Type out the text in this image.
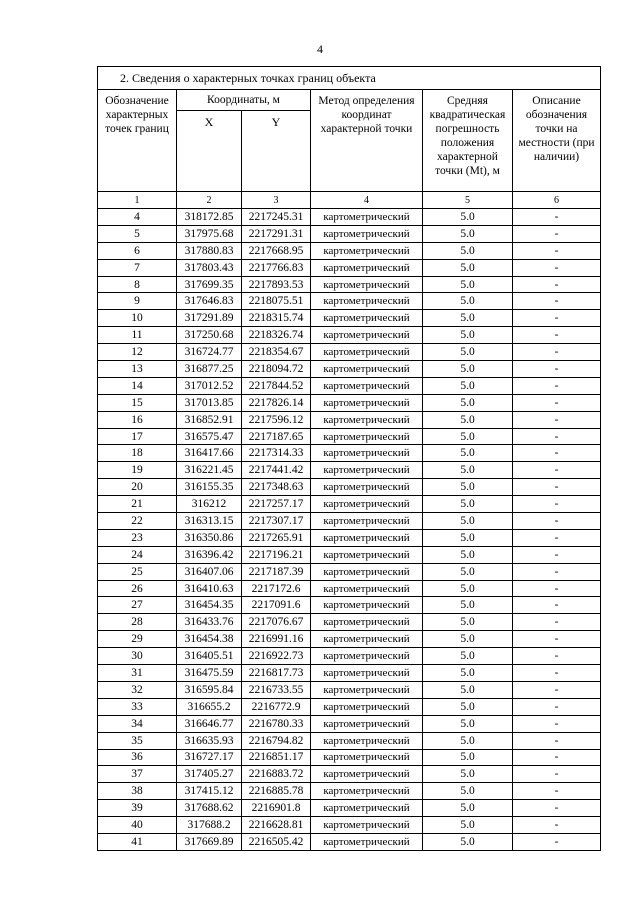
4
2. Сведения о характерных точках границ объекта					
Обозначение характерных точек границ	Координаты, м		Метод определения координат характерной точки	Средняя квадратическая погрешность положения характерной точки (Mt), м	Описание обозначения точки на местности (при наличии)
	X	Y			
1	2	3	4	5	6
4	318172.85	2217245.31	картометрический	5.0	-
5	317975.68	2217291.31	картометрический	5.0	-
6	317880.83	2217668.95	картометрический	5.0	-
7	317803.43	2217766.83	картометрический	5.0	-
8	317699.35	2217893.53	картометрический	5.0	-
9	317646.83	2218075.51	картометрический	5.0	-
10	317291.89	2218315.74	картометрический	5.0	-
11	317250.68	2218326.74	картометрический	5.0	-
12	316724.77	2218354.67	картометрический	5.0	-
13	316877.25	2218094.72	картометрический	5.0	-
14	317012.52	2217844.52	картометрический	5.0	-
15	317013.85	2217826.14	картометрический	5.0	-
16	316852.91	2217596.12	картометрический	5.0	-
17	316575.47	2217187.65	картометрический	5.0	-
18	316417.66	2217314.33	картометрический	5.0	-
19	316221.45	2217441.42	картометрический	5.0	-
20	316155.35	2217348.63	картометрический	5.0	-
21	316212	2217257.17	картометрический	5.0	-
22	316313.15	2217307.17	картометрический	5.0	-
23	316350.86	2217265.91	картометрический	5.0	-
24	316396.42	2217196.21	картометрический	5.0	-
25	316407.06	2217187.39	картометрический	5.0	-
26	316410.63	2217172.6	картометрический	5.0	-
27	316454.35	2217091.6	картометрический	5.0	-
28	316433.76	2217076.67	картометрический	5.0	-
29	316454.38	2216991.16	картометрический	5.0	-
30	316405.51	2216922.73	картометрический	5.0	-
31	316475.59	2216817.73	картометрический	5.0	-
32	316595.84	2216733.55	картометрический	5.0	-
33	316655.2	2216772.9	картометрический	5.0	-
34	316646.77	2216780.33	картометрический	5.0	-
35	316635.93	2216794.82	картометрический	5.0	-
36	316727.17	2216851.17	картометрический	5.0	-
37	317405.27	2216883.72	картометрический	5.0	-
38	317415.12	2216885.78	картометрический	5.0	-
39	317688.62	2216901.8	картометрический	5.0	-
40	317688.2	2216628.81	картометрический	5.0	-
41	317669.89	2216505.42	картометрический	5.0	-
